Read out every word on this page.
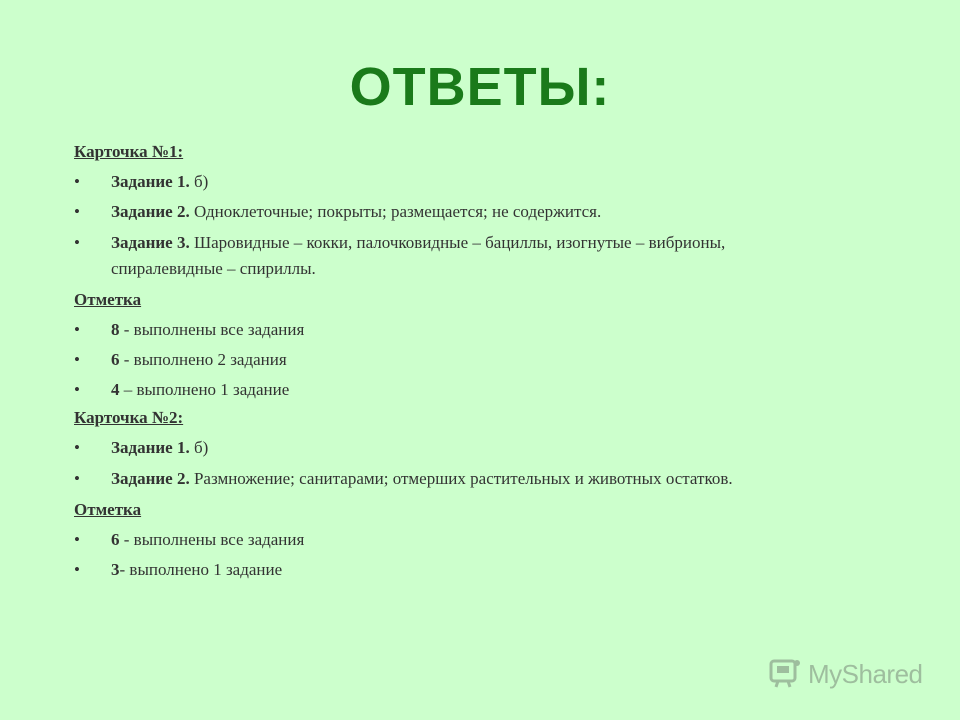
ОТВЕТЫ:
Карточка №1:
• Задание 1. б)
• Задание 2. Одноклеточные; покрыты; размещается; не содержится.
• Задание 3. Шаровидные – кокки, палочковидные – бациллы, изогнутые – вибрионы, спиралевидные – спириллы.
Отметка
• 8 - выполнены все задания
• 6 - выполнено 2 задания
• 4 – выполнено 1 задание
Карточка №2:
• Задание 1. б)
• Задание 2. Размножение; санитарами; отмерших растительных и животных остатков.
Отметка
• 6 - выполнены все задания
• 3- выполнено 1 задание
MyShared
